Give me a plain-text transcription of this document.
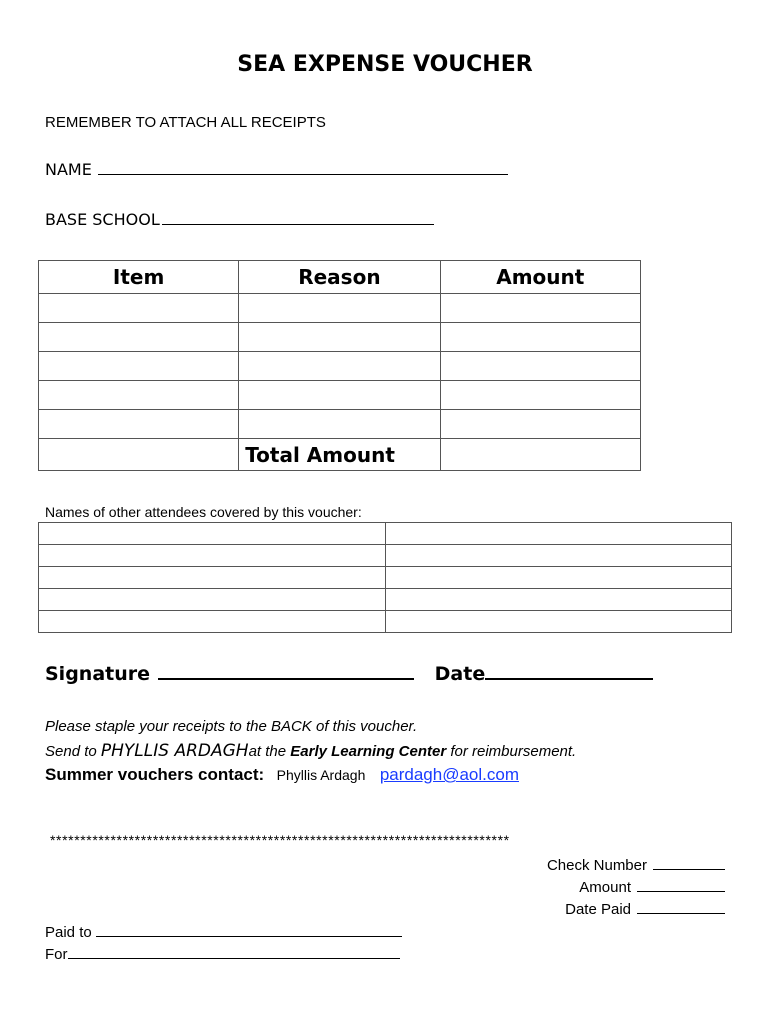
SEA EXPENSE VOUCHER
REMEMBER TO ATTACH ALL RECEIPTS
NAME
BASE SCHOOL
Item	Reason	Amount

	Total Amount	
Names of other attendees covered by this voucher:

Signature	Date
Please staple your receipts to the BACK of this voucher.
Send to PHYLLIS ARDAGHat the Early Learning Center for reimbursement.
Summer vouchers contact: Phyllis Ardagh pardagh@aol.com
****************************************************************************
Check Number
Amount
Date Paid
Paid to
For
